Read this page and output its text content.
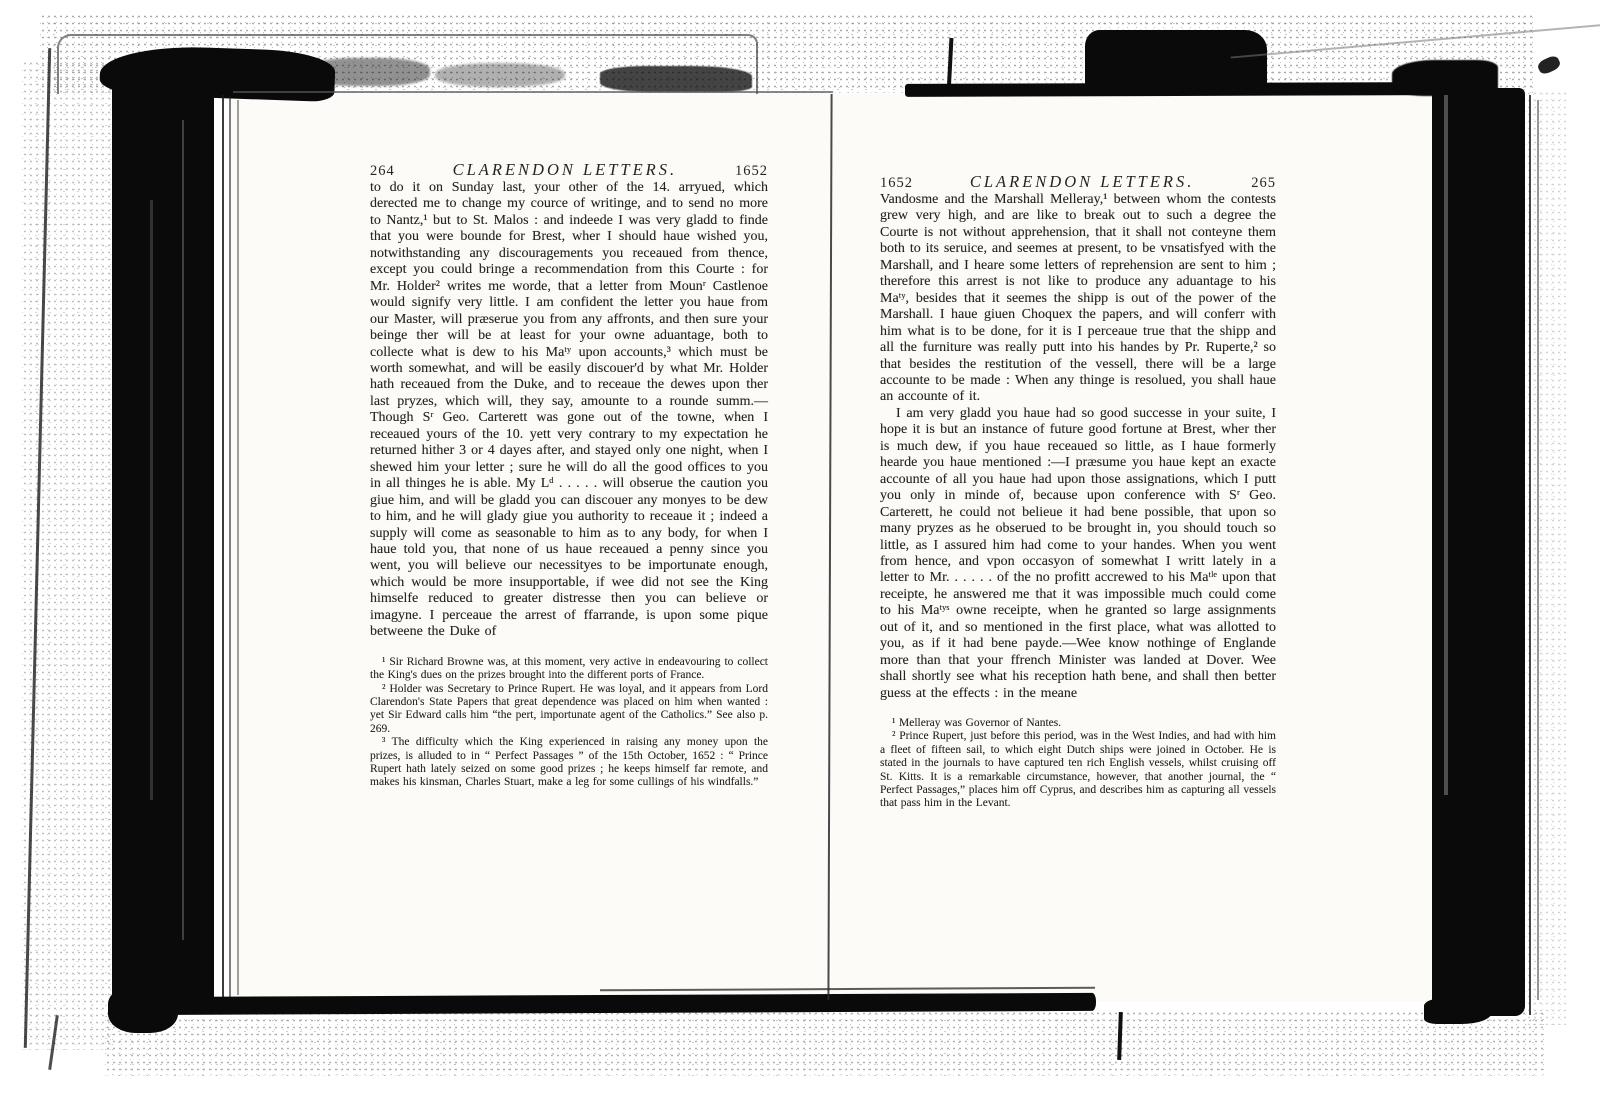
264	CLARENDON LETTERS.	1652

to do it on Sunday last, your other of the 14. arryued, which derected me to change my cource of writinge, and to send no more to Nantz,¹ but to St. Malos : and indeede I was very gladd to finde that you were bounde for Brest, wher I should haue wished you, notwithstanding any discouragements you receaued from thence, except you could bringe a recommendation from this Courte : for Mr. Holder² writes me worde, that a letter from Mounʳ Castlenoe would signify very little. I am confident the letter you haue from our Master, will præserue you from any affronts, and then sure your beinge ther will be at least for your owne aduantage, both to collecte what is dew to his Maᵗʸ upon accounts,³ which must be worth somewhat, and will be easily discouer'd by what Mr. Holder hath receaued from the Duke, and to receaue the dewes upon ther last pryzes, which will, they say, amounte to a rounde summ.—Though Sʳ Geo. Carterett was gone out of the towne, when I receaued yours of the 10. yett very contrary to my expectation he returned hither 3 or 4 dayes after, and stayed only one night, when I shewed him your letter ; sure he will do all the good offices to you in all thinges he is able. My Lᵈ . . . . . will obserue the caution you giue him, and will be gladd you can discouer any monyes to be dew to him, and he will glady giue you authority to receaue it ; indeed a supply will come as seasonable to him as to any body, for when I haue told you, that none of us haue receaued a penny since you went, you will believe our necessityes to be importunate enough, which would be more insupportable, if wee did not see the King himselfe reduced to greater distresse then you can believe or imagyne. I perceaue the arrest of ffarrande, is upon some pique betweene the Duke of

¹ Sir Richard Browne was, at this moment, very active in endeavouring to collect the King's dues on the prizes brought into the different ports of France.

² Holder was Secretary to Prince Rupert. He was loyal, and it appears from Lord Clarendon's State Papers that great dependence was placed on him when wanted : yet Sir Edward calls him “the pert, importunate agent of the Catholics.” See also p. 269.

³ The difficulty which the King experienced in raising any money upon the prizes, is alluded to in “ Perfect Passages ” of the 15th October, 1652 : “ Prince Rupert hath lately seized on some good prizes ; he keeps himself far remote, and makes his kinsman, Charles Stuart, make a leg for some cullings of his windfalls.”

1652	CLARENDON LETTERS.	265

Vandosme and the Marshall Melleray,¹ between whom the contests grew very high, and are like to break out to such a degree the Courte is not without apprehension, that it shall not conteyne them both to its seruice, and seemes at present, to be vnsatisfyed with the Marshall, and I heare some letters of reprehension are sent to him ; therefore this arrest is not like to produce any aduantage to his Maᵗʸ, besides that it seemes the shipp is out of the power of the Marshall. I haue giuen Choquex the papers, and will conferr with him what is to be done, for it is I perceaue true that the shipp and all the furniture was really putt into his handes by Pr. Ruperte,² so that besides the restitution of the vessell, there will be a large accounte to be made : When any thinge is resolued, you shall haue an accounte of it.

I am very gladd you haue had so good successe in your suite, I hope it is but an instance of future good fortune at Brest, wher ther is much dew, if you haue receaued so little, as I haue formerly hearde you haue mentioned :—I præsume you haue kept an exacte accounte of all you haue had upon those assignations, which I putt you only in minde of, because upon conference with Sʳ Geo. Carterett, he could not belieue it had bene possible, that upon so many pryzes as he obserued to be brought in, you should touch so little, as I assured him had come to your handes. When you went from hence, and vpon occasyon of somewhat I writt lately in a letter to Mr. . . . . . of the no profitt accrewed to his Maᵗˡᵉ upon that receipte, he answered me that it was impossible much could come to his Maᵗʸˢ owne receipte, when he granted so large assignments out of it, and so mentioned in the first place, what was allotted to you, as if it had bene payde.—Wee know nothinge of Englande more than that your ffrench Minister was landed at Dover. Wee shall shortly see what his reception hath bene, and shall then better guess at the effects : in the meane

¹ Melleray was Governor of Nantes.

² Prince Rupert, just before this period, was in the West Indies, and had with him a fleet of fifteen sail, to which eight Dutch ships were joined in October. He is stated in the journals to have captured ten rich English vessels, whilst cruising off St. Kitts. It is a remarkable circumstance, however, that another journal, the “ Perfect Passages,” places him off Cyprus, and describes him as capturing all vessels that pass him in the Levant.
